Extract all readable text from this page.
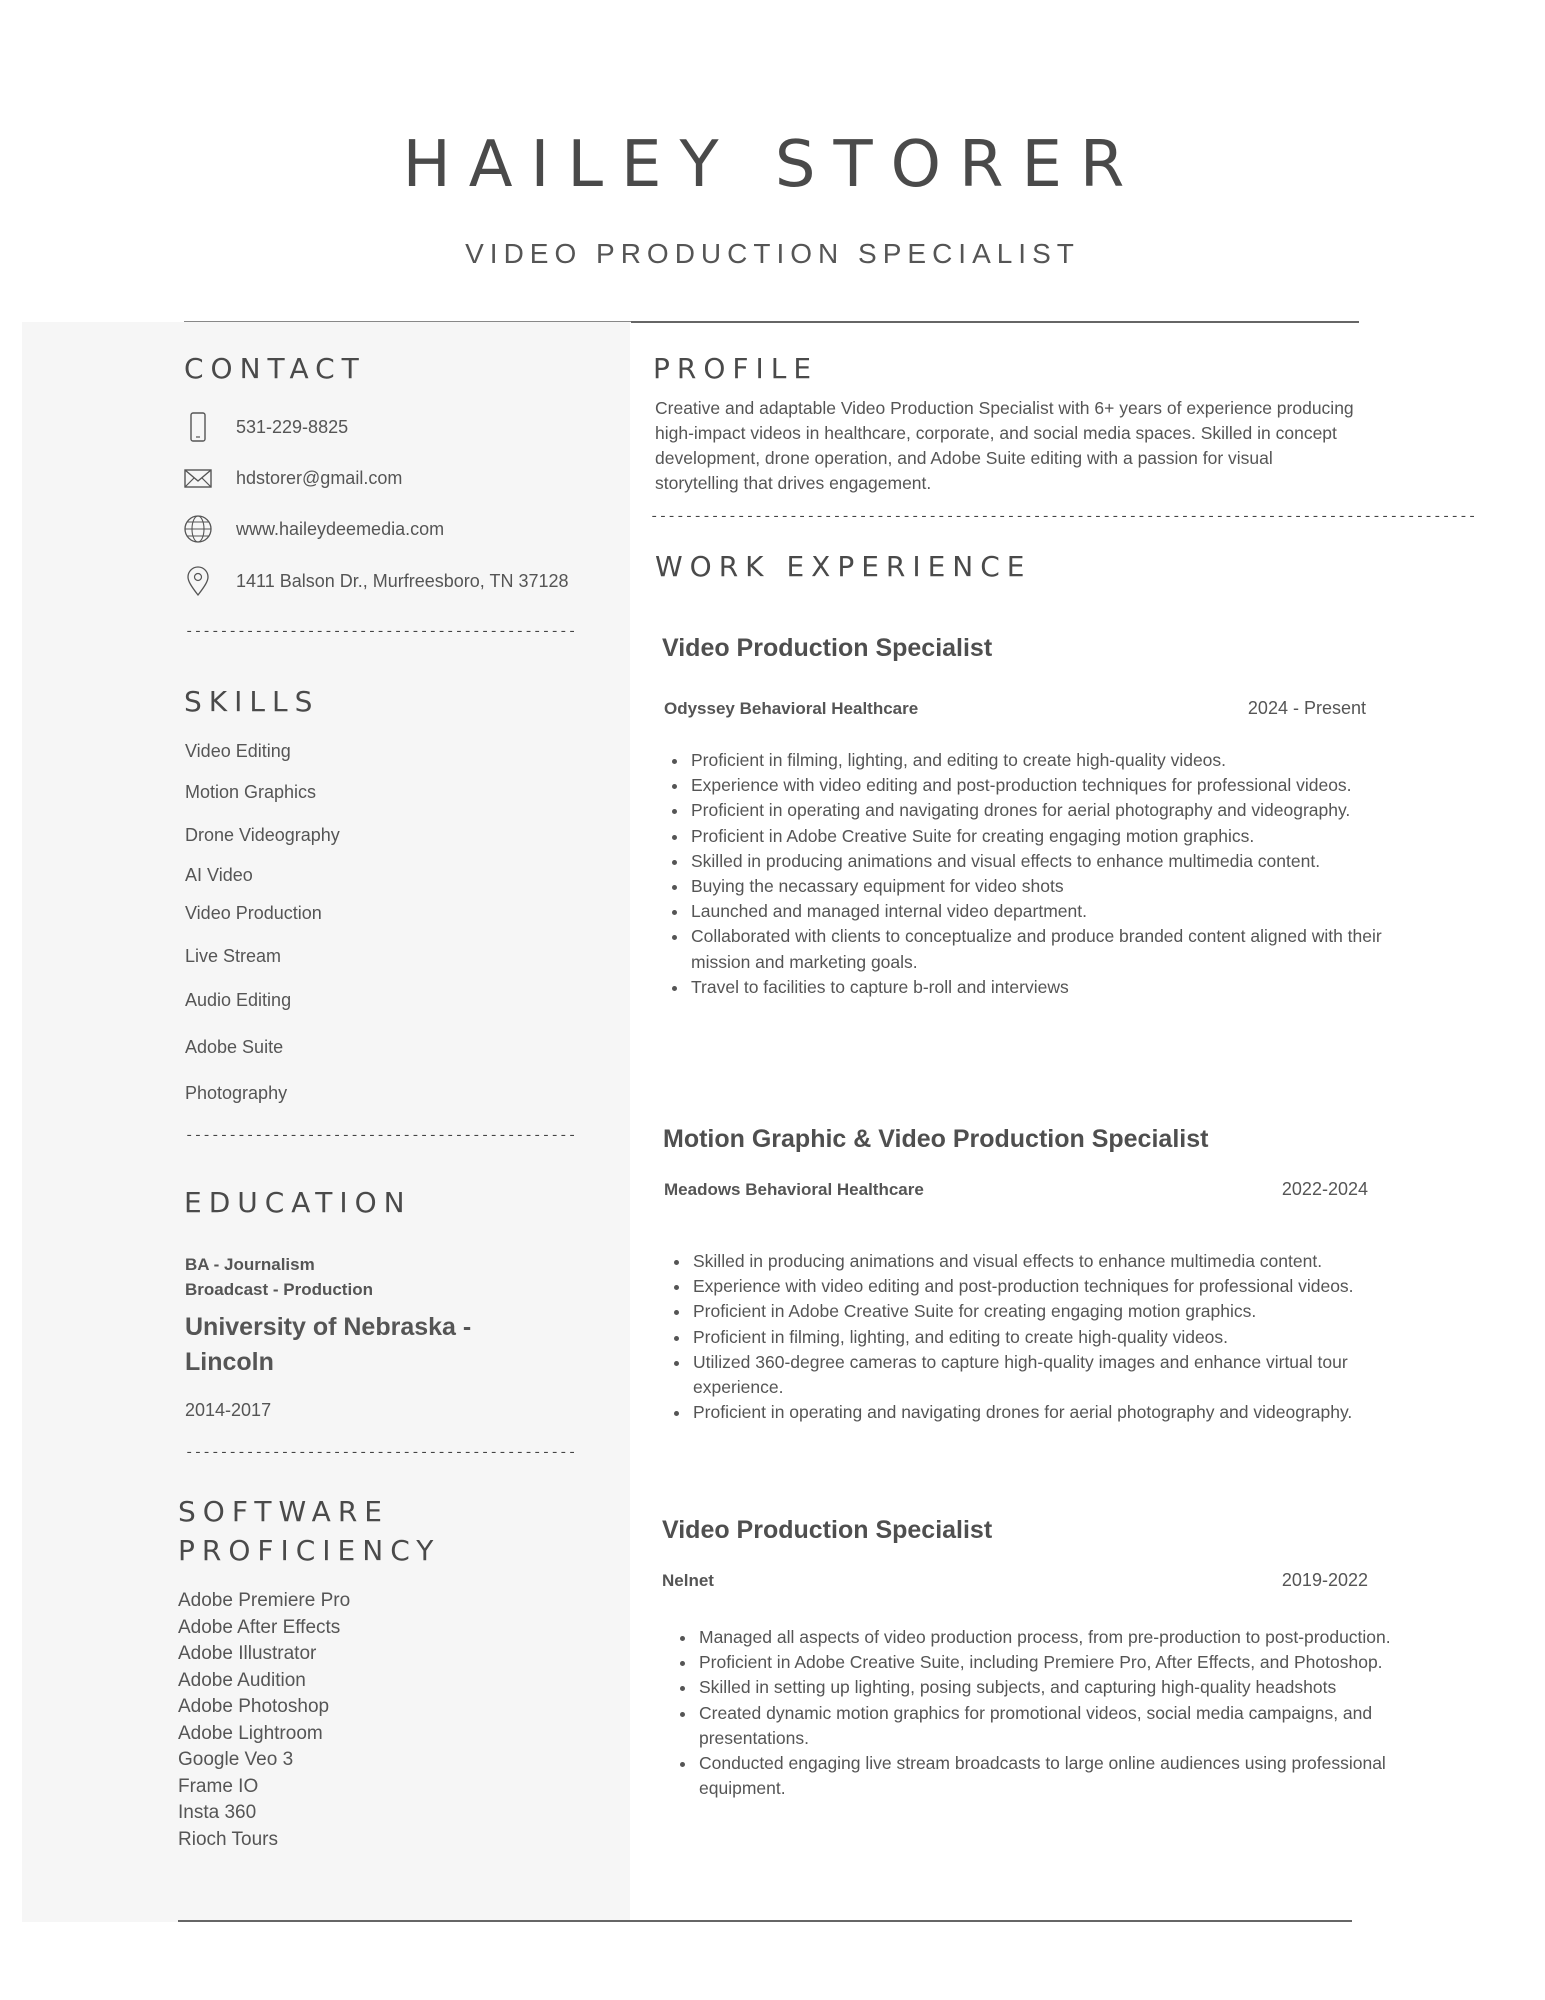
HAILEY STORER
VIDEO PRODUCTION SPECIALIST
CONTACT
531-229-8825
hdstorer@gmail.com
www.haileydeemedia.com
1411 Balson Dr., Murfreesboro, TN 37128
---------------------------------------------
SKILLS
Video Editing
Motion Graphics
Drone Videography
AI Video
Video Production
Live Stream
Audio Editing
Adobe Suite
Photography
---------------------------------------------
EDUCATION
BA - Journalism
Broadcast - Production
University of Nebraska - Lincoln
2014-2017
---------------------------------------------
SOFTWARE
PROFICIENCY
Adobe Premiere Pro
Adobe After Effects
Adobe Illustrator
Adobe Audition
Adobe Photoshop
Adobe Lightroom
Google Veo 3
Frame IO
Insta 360
Rioch Tours
PROFILE
Creative and adaptable Video Production Specialist with 6+ years of experience producing high-impact videos in healthcare, corporate, and social media spaces. Skilled in concept development, drone operation, and Adobe Suite editing with a passion for visual storytelling that drives engagement.
-----------------------------------------------------------------------------------------------
WORK EXPERIENCE
Video Production Specialist
Odyssey Behavioral Healthcare	2024 - Present
• Proficient in filming, lighting, and editing to create high-quality videos.
• Experience with video editing and post-production techniques for professional videos.
• Proficient in operating and navigating drones for aerial photography and videography.
• Proficient in Adobe Creative Suite for creating engaging motion graphics.
• Skilled in producing animations and visual effects to enhance multimedia content.
• Buying the necassary equipment for video shots
• Launched and managed internal video department.
• Collaborated with clients to conceptualize and produce branded content aligned with their mission and marketing goals.
• Travel to facilities to capture b-roll and interviews
Motion Graphic & Video Production Specialist
Meadows Behavioral Healthcare	2022-2024
• Skilled in producing animations and visual effects to enhance multimedia content.
• Experience with video editing and post-production techniques for professional videos.
• Proficient in Adobe Creative Suite for creating engaging motion graphics.
• Proficient in filming, lighting, and editing to create high-quality videos.
• Utilized 360-degree cameras to capture high-quality images and enhance virtual tour experience.
• Proficient in operating and navigating drones for aerial photography and videography.
Video Production Specialist
Nelnet	2019-2022
• Managed all aspects of video production process, from pre-production to post-production.
• Proficient in Adobe Creative Suite, including Premiere Pro, After Effects, and Photoshop.
• Skilled in setting up lighting, posing subjects, and capturing high-quality headshots
• Created dynamic motion graphics for promotional videos, social media campaigns, and presentations.
• Conducted engaging live stream broadcasts to large online audiences using professional equipment.
